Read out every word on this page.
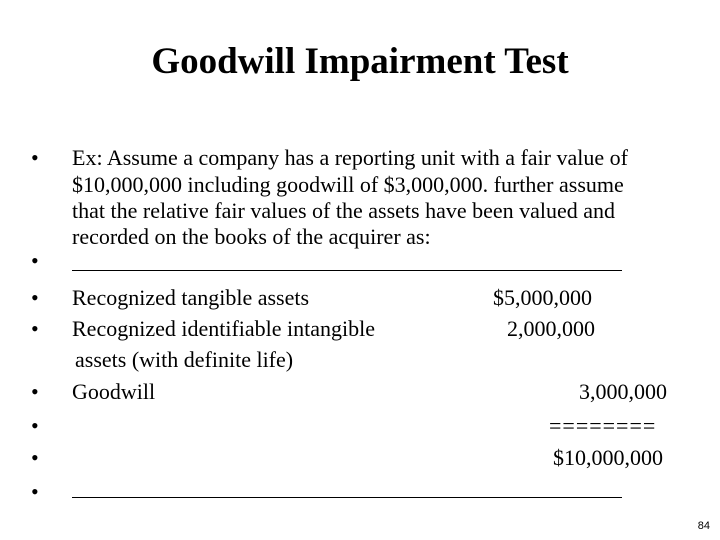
Goodwill Impairment Test
•
•
•
•
•
•
•
•
Ex: Assume a company has a reporting unit with a fair value of
$10,000,000 including goodwill of $3,000,000. further assume
that the relative fair values of the assets have been valued and
recorded on the books of the acquirer as:
Recognized tangible assets	$5,000,000
Recognized identifiable intangible	2,000,000
assets (with definite life)
Goodwill	3,000,000
========
$10,000,000
84
